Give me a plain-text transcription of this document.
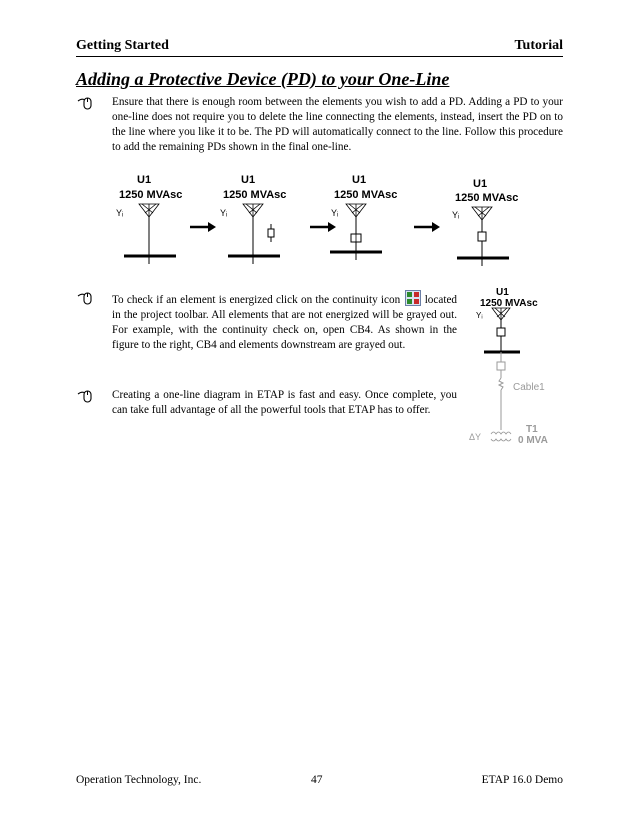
Getting Started	Tutorial
Adding a Protective Device (PD) to your One-Line
Ensure that there is enough room between the elements you wish to add a PD. Adding a PD to your one-line does not require you to delete the line connecting the elements, instead, insert the PD on to the line where you like it to be. The PD will automatically connect to the line. Follow this procedure to add the remaining PDs shown in the final one-line.
U1
1250 MVAsc
Yᵢ
U1
1250 MVAsc
Yᵢ
U1
1250 MVAsc
Yᵢ
U1
1250 MVAsc
Yᵢ
To check if an element is energized click on the continuity icon located in the project toolbar. All elements that are not energized will be grayed out. For example, with the continuity check on, open CB4. As shown in the figure to the right, CB4 and elements downstream are grayed out.
U1
1250 MVAsc
Yᵢ
Cable1
ΔY
T1
0 MVA
Creating a one-line diagram in ETAP is fast and easy. Once complete, you can take full advantage of all the powerful tools that ETAP has to offer.
Operation Technology, Inc.	47	ETAP 16.0 Demo
